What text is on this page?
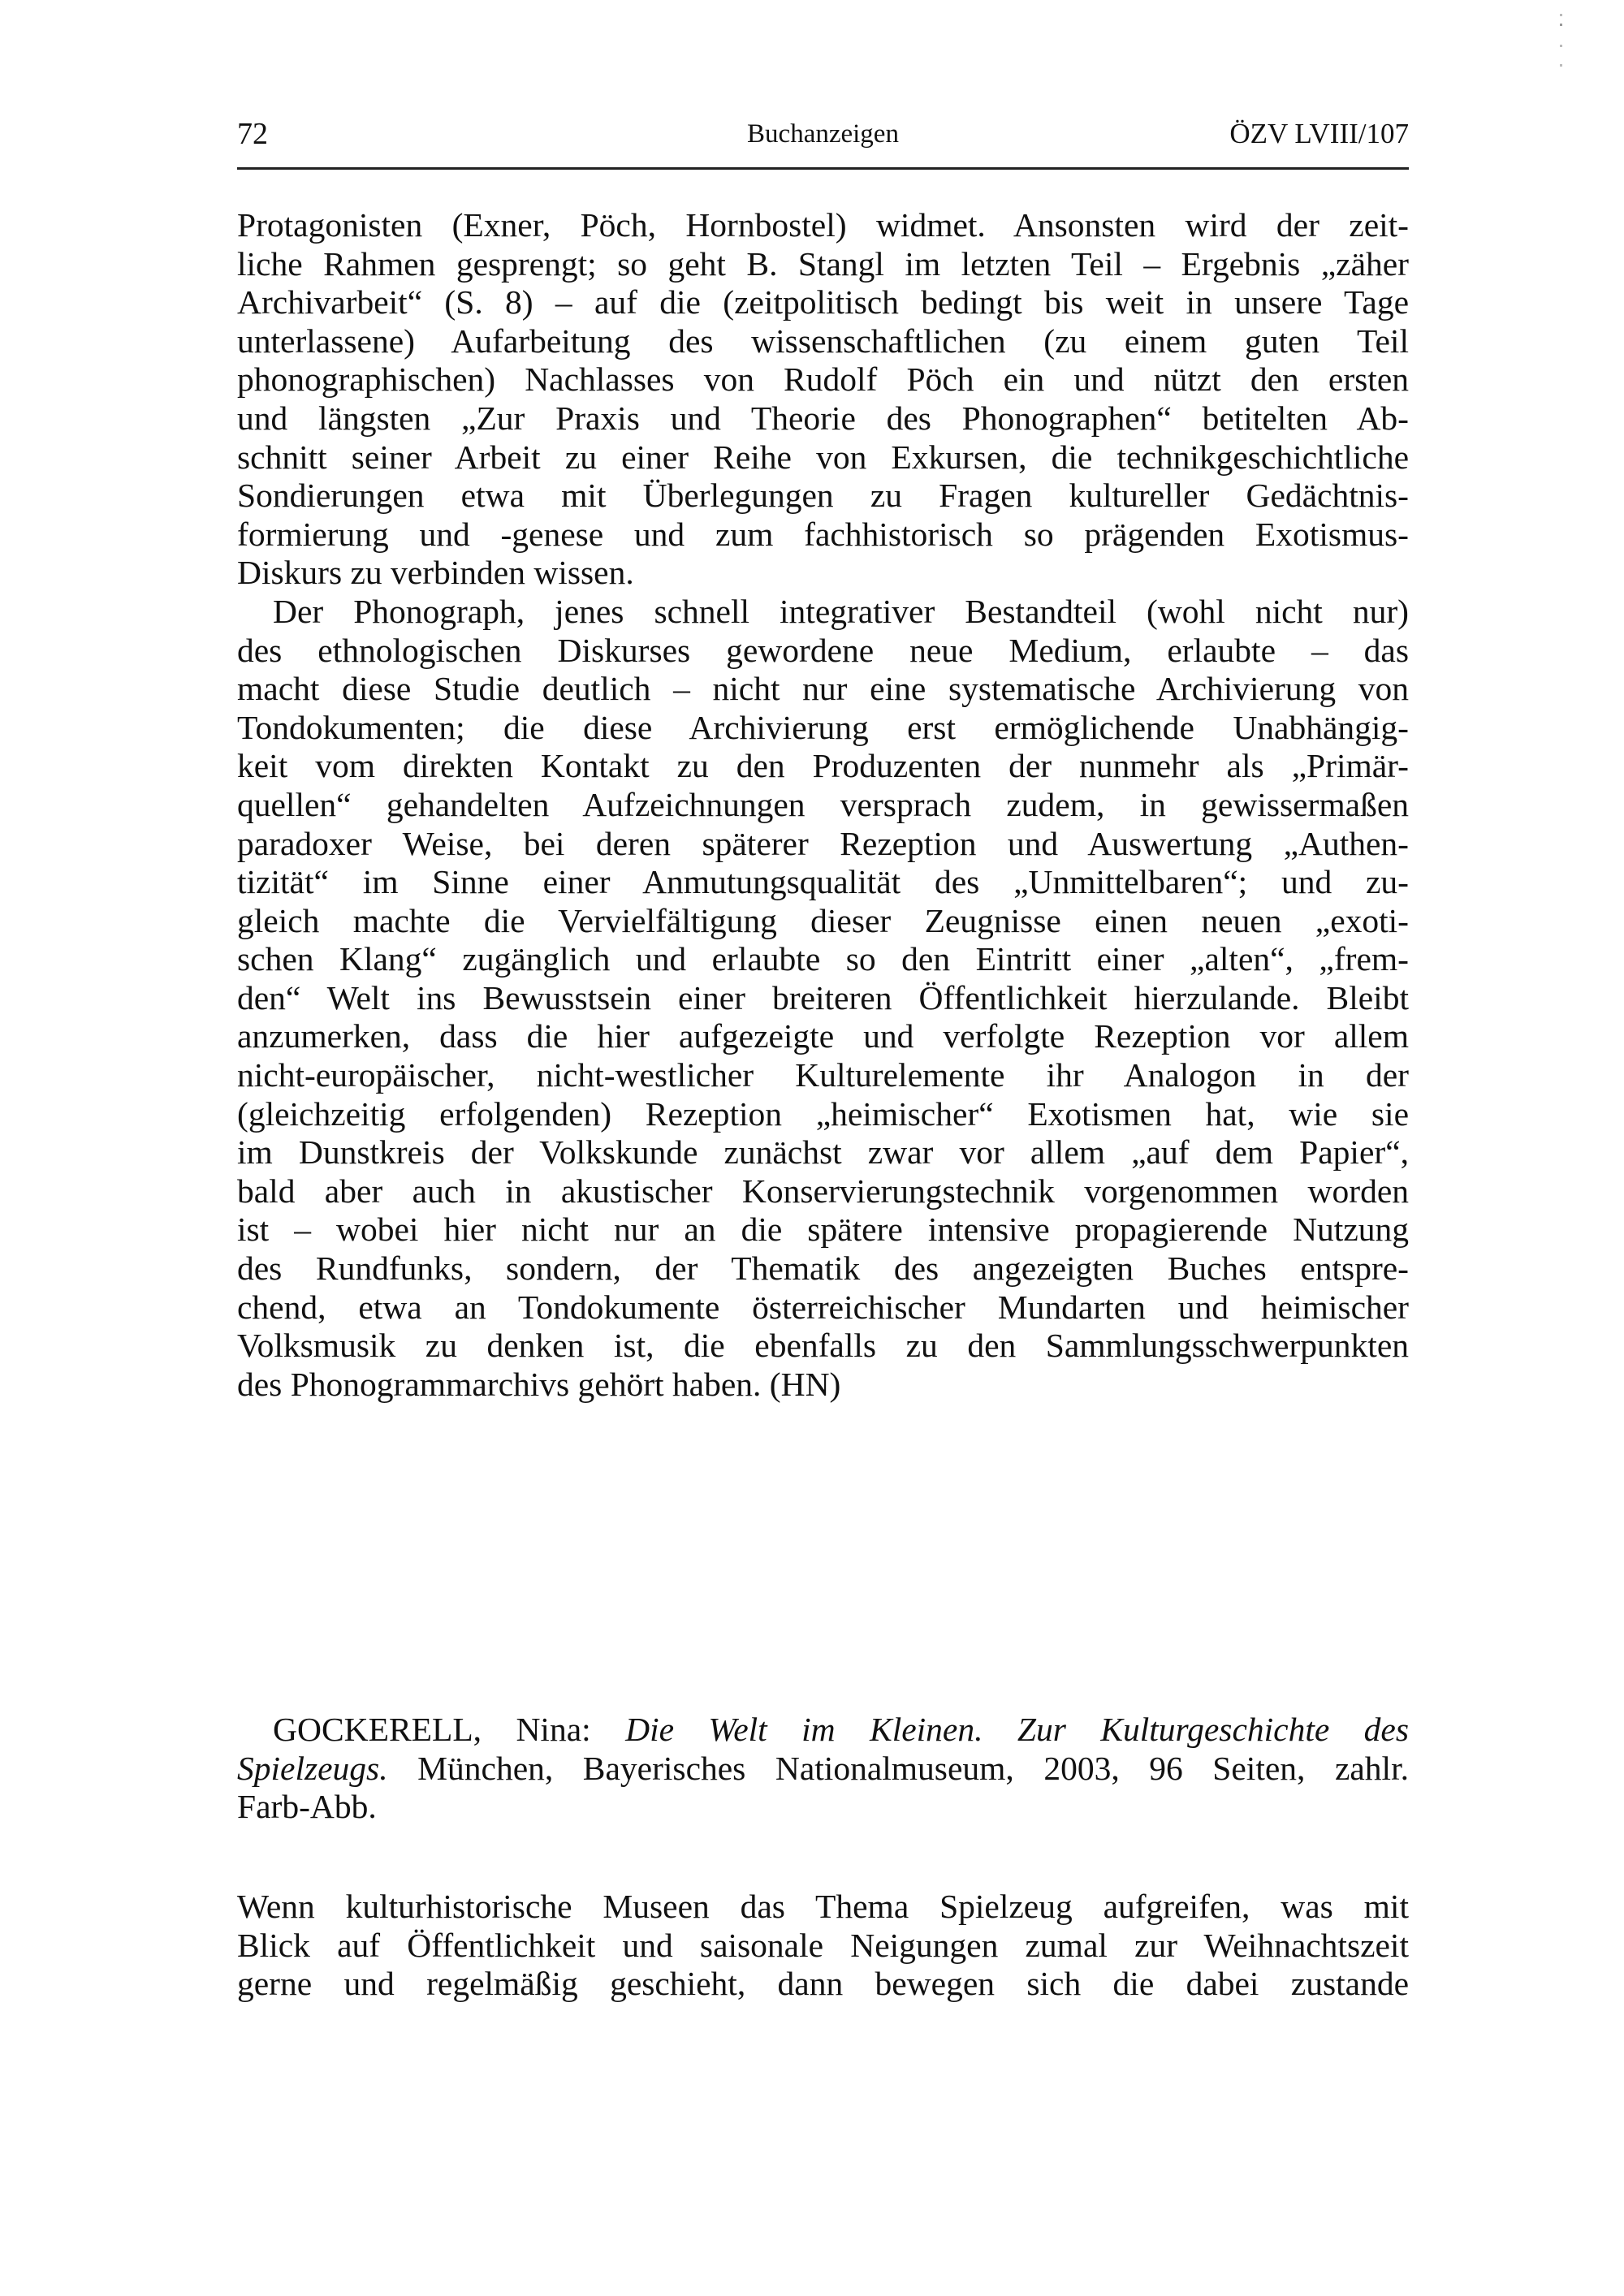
72	Buchanzeigen	ÖZV LVIII/107
Protagonisten (Exner, Pöch, Hornbostel) widmet. Ansonsten wird der zeit-
liche Rahmen gesprengt; so geht B. Stangl im letzten Teil – Ergebnis „zäher
Archivarbeit“ (S. 8) – auf die (zeitpolitisch bedingt bis weit in unsere Tage
unterlassene) Aufarbeitung des wissenschaftlichen (zu einem guten Teil
phonographischen) Nachlasses von Rudolf Pöch ein und nützt den ersten
und längsten „Zur Praxis und Theorie des Phonographen“ betitelten Ab-
schnitt seiner Arbeit zu einer Reihe von Exkursen, die technikgeschichtliche
Sondierungen etwa mit Überlegungen zu Fragen kultureller Gedächtnis-
formierung und -genese und zum fachhistorisch so prägenden Exotismus-
Diskurs zu verbinden wissen.
Der Phonograph, jenes schnell integrativer Bestandteil (wohl nicht nur)
des ethnologischen Diskurses gewordene neue Medium, erlaubte – das
macht diese Studie deutlich – nicht nur eine systematische Archivierung von
Tondokumenten; die diese Archivierung erst ermöglichende Unabhängig-
keit vom direkten Kontakt zu den Produzenten der nunmehr als „Primär-
quellen“ gehandelten Aufzeichnungen versprach zudem, in gewissermaßen
paradoxer Weise, bei deren späterer Rezeption und Auswertung „Authen-
tizität“ im Sinne einer Anmutungsqualität des „Unmittelbaren“; und zu-
gleich machte die Vervielfältigung dieser Zeugnisse einen neuen „exoti-
schen Klang“ zugänglich und erlaubte so den Eintritt einer „alten“, „frem-
den“ Welt ins Bewusstsein einer breiteren Öffentlichkeit hierzulande. Bleibt
anzumerken, dass die hier aufgezeigte und verfolgte Rezeption vor allem
nicht-europäischer, nicht-westlicher Kulturelemente ihr Analogon in der
(gleichzeitig erfolgenden) Rezeption „heimischer“ Exotismen hat, wie sie
im Dunstkreis der Volkskunde zunächst zwar vor allem „auf dem Papier“,
bald aber auch in akustischer Konservierungstechnik vorgenommen worden
ist – wobei hier nicht nur an die spätere intensive propagierende Nutzung
des Rundfunks, sondern, der Thematik des angezeigten Buches entspre-
chend, etwa an Tondokumente österreichischer Mundarten und heimischer
Volksmusik zu denken ist, die ebenfalls zu den Sammlungsschwerpunkten
des Phonogrammarchivs gehört haben. (HN)
GOCKERELL, Nina: Die Welt im Kleinen. Zur Kulturgeschichte des
Spielzeugs. München, Bayerisches Nationalmuseum, 2003, 96 Seiten, zahlr.
Farb-Abb.
Wenn kulturhistorische Museen das Thema Spielzeug aufgreifen, was mit
Blick auf Öffentlichkeit und saisonale Neigungen zumal zur Weihnachtszeit
gerne und regelmäßig geschieht, dann bewegen sich die dabei zustande
